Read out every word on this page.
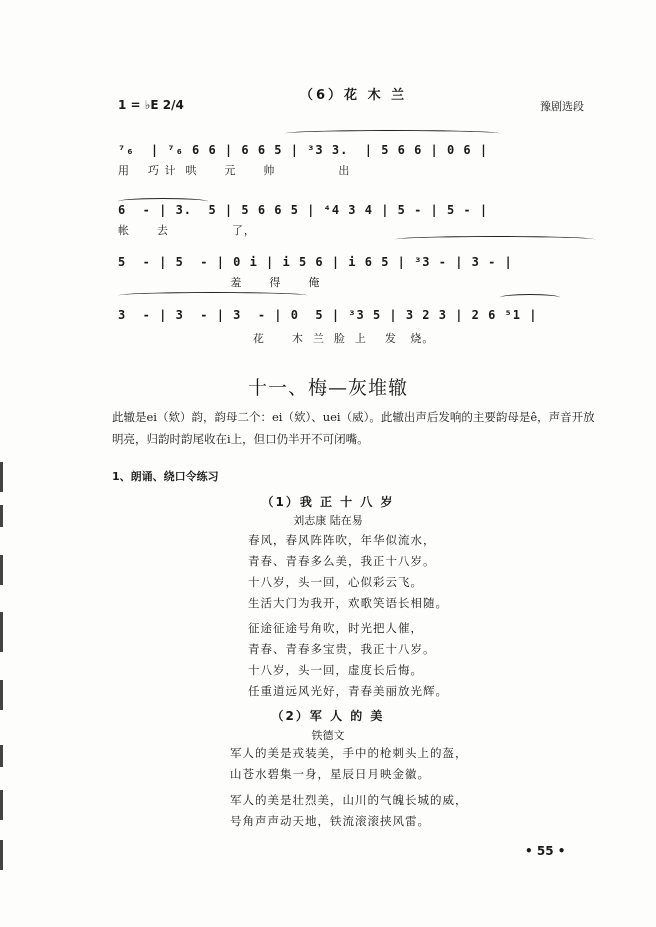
（6）花 木 兰
1 = ♭E 2/4	豫剧选段
⁷₆  | ⁷₆ 6 6 | 6 6 5 | ³3 3.  | 5 6 6 | 0 6 |
用    巧 计  哄      元      帅              出
6  - | 3.  5 | 5 6 6 5 | ⁴4 3 4 | 5 - | 5 - |
帐      去              了，
5  - | 5  - | 0 i | i 5 6 | i 6 5 | ³3 - | 3 - |
羞      得      俺
3  - | 3  - | 3  - | 0  5 | ³3 5 | 3 2 3 | 2 6 ⁵1 |
花      木  兰  脸  上    发   烧。
十一、梅—灰堆辙
此辙是ei（欸）韵，韵母二个：ei（欸）、uei（威）。此辙出声后发响的主要韵母是ê，声音开放明亮，归韵时韵尾收在i上，但口仍半开不可闭嘴。
1、朗诵、绕口令练习
（1）我 正 十 八 岁
刘志康 陆在易
春风，春风阵阵吹，年华似流水，
青春、青春多么美，我正十八岁。
十八岁，头一回，心似彩云飞。
生活大门为我开，欢歌笑语长相随。
征途征途号角吹，时光把人催，
青春、青春多宝贵，我正十八岁。
十八岁，头一回，虚度长后悔。
任重道远风光好，青春美丽放光辉。
（2）军 人 的 美
铁德文
军人的美是戎装美，手中的枪刺头上的盔，
山苍水碧集一身，星辰日月映金徽。
军人的美是壮烈美，山川的气魄长城的威，
号角声声动天地，铁流滚滚挟风雷。
• 55 •
